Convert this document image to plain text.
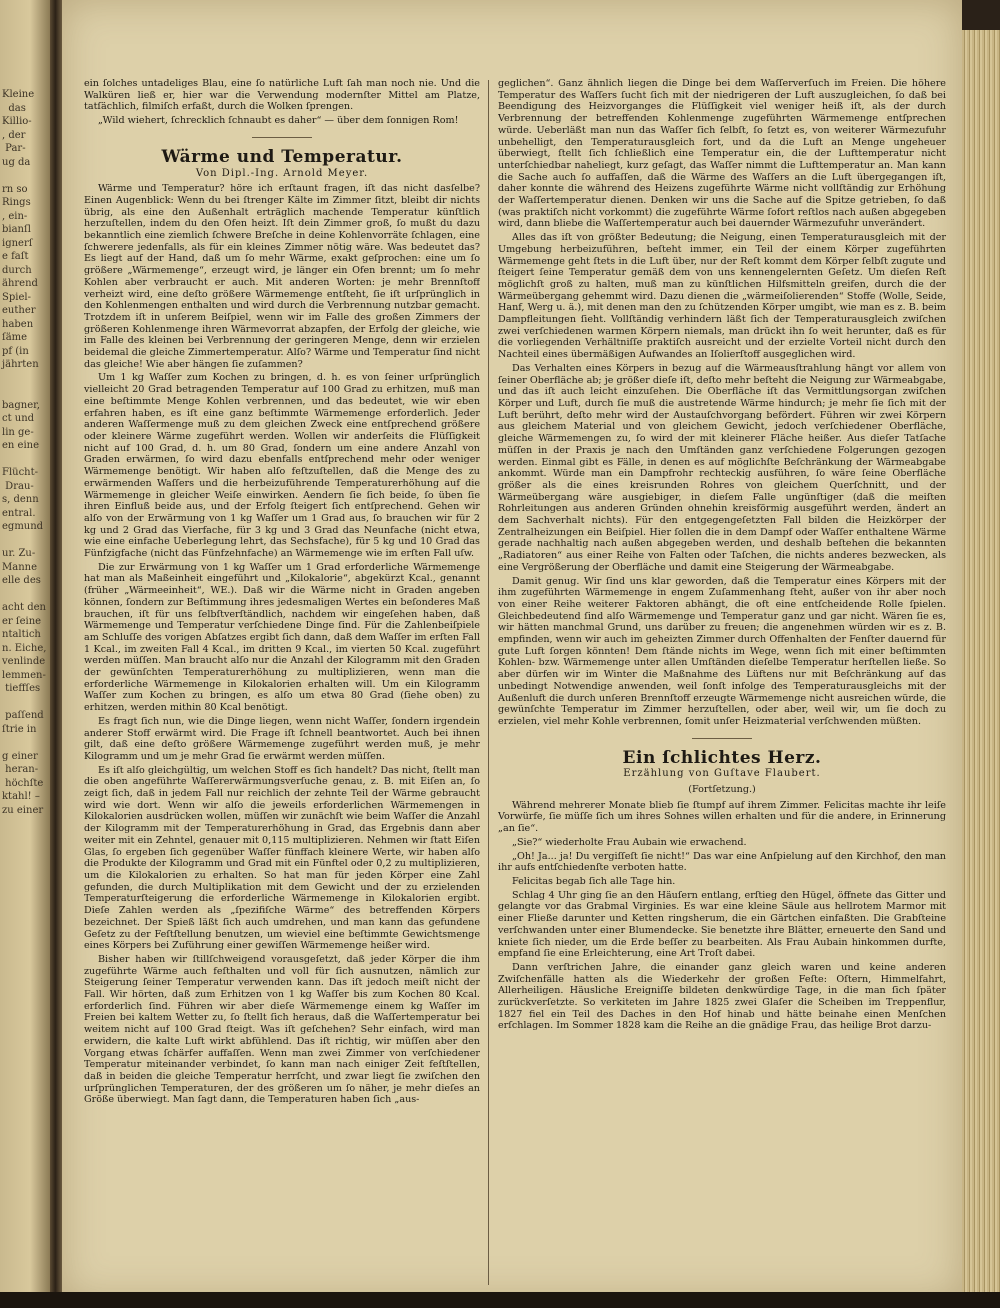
Kleine
das
Killio-
, der
Par-
ug da

rn so
Rings
, ein-
bianſl
ignerſ
e faſt
durch
ährend
Spiel-
euther
haben
ſäme
pf (in
jährten

bagner,
ct und
lin ge-
en eine

Flücht-
Drau-
s, denn
entral.
egmund

ur. Zu-
Manne
elle des

acht den
er ſeine
ntaltich
n. Eiche,
venlinde
lemmen-
tieffſes

paſſend
ſtrie in

g einer
heran-
höchſte
ktahl! –
zu einer

ein ſolches untadeliges Blau, eine ſo natürliche Luft ſah man noch nie. Und die Walküren ließ er, hier war die Verwendung modernſter Mittel am Platze, tatſächlich, filmiſch erfaßt, durch die Wolken ſprengen.

„Wild wiehert, ſchrecklich ſchnaubt es daher“ — über dem ſonnigen Rom!

Wärme und Temperatur.
Von Dipl.-Ing. Arnold Meyer.

Wärme und Temperatur? höre ich erſtaunt fragen, iſt das nicht dasſelbe? Einen Augenblick: Wenn du bei ſtrenger Kälte im Zimmer ſitzt, bleibt dir nichts übrig, als eine den Außenhalt erträglich machende Temperatur künſtlich herzuſtellen, indem du den Ofen heizt. Iſt dein Zimmer groß, ſo mußt du dazu bekanntlich eine ziemlich ſchwere Breſche in deine Kohlenvorräte ſchlagen, eine ſchwerere jedenfalls, als für ein kleines Zimmer nötig wäre. Was bedeutet das? Es liegt auf der Hand, daß um ſo mehr Wärme, exakt geſprochen: eine um ſo größere „Wärmemenge“, erzeugt wird, je länger ein Ofen brennt; um ſo mehr Kohlen aber verbraucht er auch. Mit anderen Worten: je mehr Brennſtoff verheizt wird, eine deſto größere Wärmemenge entſteht, ſie iſt urſprünglich in den Kohlenmengen enthalten und wird durch die Verbrennung nutzbar gemacht. Trotzdem iſt in unſerem Beiſpiel, wenn wir im Falle des großen Zimmers der größeren Kohlenmenge ihren Wärmevorrat abzapfen, der Erfolg der gleiche, wie im Falle des kleinen bei Verbrennung der geringeren Menge, denn wir erzielen beidemal die gleiche Zimmertemperatur. Alſo? Wärme und Temperatur ſind nicht das gleiche! Wie aber hängen ſie zuſammen?

Um 1 kg Waſſer zum Kochen zu bringen, d. h. es von ſeiner urſprünglich vielleicht 20 Grad betragenden Temperatur auf 100 Grad zu erhitzen, muß man eine beſtimmte Menge Kohlen verbrennen, und das bedeutet, wie wir eben erfahren haben, es iſt eine ganz beſtimmte Wärmemenge erforderlich. Jeder anderen Waſſermenge muß zu dem gleichen Zweck eine entſprechend größere oder kleinere Wärme zugeführt werden. Wollen wir anderſeits die Flüſſigkeit nicht auf 100 Grad, d. h. um 80 Grad, ſondern um eine andere Anzahl von Graden erwärmen, ſo wird dazu ebenfalls entſprechend mehr oder weniger Wärmemenge benötigt. Wir haben alſo feſtzuſtellen, daß die Menge des zu erwärmenden Waſſers und die herbeizuführende Temperaturerhöhung auf die Wärmemenge in gleicher Weiſe einwirken. Aendern ſie ſich beide, ſo üben ſie ihren Einfluß beide aus, und der Erfolg ſteigert ſich entſprechend. Gehen wir alſo von der Erwärmung von 1 kg Waſſer um 1 Grad aus, ſo brauchen wir für 2 kg und 2 Grad das Vierfache, für 3 kg und 3 Grad das Neunfache (nicht etwa, wie eine einfache Ueberlegung lehrt, das Sechsfache), für 5 kg und 10 Grad das Fünfzigfache (nicht das Fünfzehnfache) an Wärmemenge wie im erſten Fall uſw.

Die zur Erwärmung von 1 kg Waſſer um 1 Grad erforderliche Wärmemenge hat man als Maßeinheit eingeführt und „Kilokalorie“, abgekürzt Kcal., genannt (früher „Wärmeeinheit“, WE.). Daß wir die Wärme nicht in Graden angeben können, ſondern zur Beſtimmung ihres jedesmaligen Wertes ein beſonderes Maß brauchen, iſt für uns ſelbſtverſtändlich, nachdem wir eingeſehen haben, daß Wärmemenge und Temperatur verſchiedene Dinge ſind. Für die Zahlenbeiſpiele am Schluſſe des vorigen Abſatzes ergibt ſich dann, daß dem Waſſer im erſten Fall 1 Kcal., im zweiten Fall 4 Kcal., im dritten 9 Kcal., im vierten 50 Kcal. zugeführt werden müſſen. Man braucht alſo nur die Anzahl der Kilogramm mit den Graden der gewünſchten Temperaturerhöhung zu multiplizieren, wenn man die erforderliche Wärmemenge in Kilokalorien erhalten will. Um ein Kilogramm Waſſer zum Kochen zu bringen, es alſo um etwa 80 Grad (ſiehe oben) zu erhitzen, werden mithin 80 Kcal benötigt.

Es fragt ſich nun, wie die Dinge liegen, wenn nicht Waſſer, ſondern irgendein anderer Stoff erwärmt wird. Die Frage iſt ſchnell beantwortet. Auch bei ihnen gilt, daß eine deſto größere Wärmemenge zugeführt werden muß, je mehr Kilogramm und um je mehr Grad ſie erwärmt werden müſſen.

Es iſt alſo gleichgültig, um welchen Stoff es ſich handelt? Das nicht, ſtellt man die oben angeführte Waſſererwärmungsverſuche genau, z. B. mit Eiſen an, ſo zeigt ſich, daß in jedem Fall nur reichlich der zehnte Teil der Wärme gebraucht wird wie dort. Wenn wir alſo die jeweils erforderlichen Wärmemengen in Kilokalorien ausdrücken wollen, müſſen wir zunächſt wie beim Waſſer die Anzahl der Kilogramm mit der Temperaturerhöhung in Grad, das Ergebnis dann aber weiter mit ein Zehntel, genauer mit 0,115 multiplizieren. Nehmen wir ſtatt Eiſen Glas, ſo ergeben ſich gegenüber Waſſer fünffach kleinere Werte, wir haben alſo die Produkte der Kilogramm und Grad mit ein Fünftel oder 0,2 zu multiplizieren, um die Kilokalorien zu erhalten. So hat man für jeden Körper eine Zahl gefunden, die durch Multiplikation mit dem Gewicht und der zu erzielenden Temperaturſteigerung die erforderliche Wärmemenge in Kilokalorien ergibt. Dieſe Zahlen werden als „ſpezifiſche Wärme“ des betreffenden Körpers bezeichnet. Der Spieß läßt ſich auch umdrehen, und man kann das gefundene Geſetz zu der Feſtſtellung benutzen, um wieviel eine beſtimmte Gewichtsmenge eines Körpers bei Zuführung einer gewiſſen Wärmemenge heißer wird.

Bisher haben wir ſtillſchweigend vorausgeſetzt, daß jeder Körper die ihm zugeführte Wärme auch feſthalten und voll für ſich ausnutzen, nämlich zur Steigerung ſeiner Temperatur verwenden kann. Das iſt jedoch meiſt nicht der Fall. Wir hörten, daß zum Erhitzen von 1 kg Waſſer bis zum Kochen 80 Kcal. erforderlich ſind. Führen wir aber dieſe Wärmemenge einem kg Waſſer im Freien bei kaltem Wetter zu, ſo ſtellt ſich heraus, daß die Waſſertemperatur bei weitem nicht auf 100 Grad ſteigt. Was iſt geſchehen? Sehr einfach, wird man erwidern, die kalte Luft wirkt abfühlend. Das iſt richtig, wir müſſen aber den Vorgang etwas ſchärfer auffaſſen. Wenn man zwei Zimmer von verſchiedener Temperatur miteinander verbindet, ſo kann man nach einiger Zeit feſtſtellen, daß in beiden die gleiche Temperatur herrſcht, und zwar liegt ſie zwiſchen den urſprünglichen Temperaturen, der des größeren um ſo näher, je mehr dieſes an Größe überwiegt. Man ſagt dann, die Temperaturen haben ſich „aus-

geglichen“. Ganz ähnlich liegen die Dinge bei dem Waſſerverſuch im Freien. Die höhere Temperatur des Waſſers ſucht ſich mit der niedrigeren der Luft auszugleichen, ſo daß bei Beendigung des Heizvorganges die Flüſſigkeit viel weniger heiß iſt, als der durch Verbrennung der betreffenden Kohlenmenge zugeführten Wärmemenge entſprechen würde. Ueberläßt man nun das Waſſer ſich ſelbſt, ſo ſetzt es, von weiterer Wärmezufuhr unbehelligt, den Temperaturausgleich fort, und da die Luft an Menge ungeheuer überwiegt, ſtellt ſich ſchließlich eine Temperatur ein, die der Lufttemperatur nicht unterſchiedbar naheliegt, kurz geſagt, das Waſſer nimmt die Lufttemperatur an. Man kann die Sache auch ſo auffaſſen, daß die Wärme des Waſſers an die Luft übergegangen iſt, daher konnte die während des Heizens zugeführte Wärme nicht vollſtändig zur Erhöhung der Waſſertemperatur dienen. Denken wir uns die Sache auf die Spitze getrieben, ſo daß (was praktiſch nicht vorkommt) die zugeführte Wärme ſofort reſtlos nach außen abgegeben wird, dann bliebe die Waſſertemperatur auch bei dauernder Wärmezufuhr unverändert.

Alles das iſt von größter Bedeutung; die Neigung, einen Temperaturausgleich mit der Umgebung herbeizuführen, beſteht immer, ein Teil der einem Körper zugeführten Wärmemenge geht ſtets in die Luft über, nur der Reſt kommt dem Körper ſelbſt zugute und ſteigert ſeine Temperatur gemäß dem von uns kennengelernten Geſetz. Um dieſen Reſt möglichſt groß zu halten, muß man zu künſtlichen Hilfsmitteln greifen, durch die der Wärmeübergang gehemmt wird. Dazu dienen die „wärmeiſolierenden“ Stoffe (Wolle, Seide, Hanf, Werg u. ä.), mit denen man den zu ſchützenden Körper umgibt, wie man es z. B. beim Dampfleitungen ſieht. Vollſtändig verhindern läßt ſich der Temperaturausgleich zwiſchen zwei verſchiedenen warmen Körpern niemals, man drückt ihn ſo weit herunter, daß es für die vorliegenden Verhältniſſe praktiſch ausreicht und der erzielte Vorteil nicht durch den Nachteil eines übermäßigen Aufwandes an Iſolierſtoff ausgeglichen wird.

Das Verhalten eines Körpers in bezug auf die Wärmeausſtrahlung hängt vor allem von ſeiner Oberfläche ab; je größer dieſe iſt, deſto mehr beſteht die Neigung zur Wärmeabgabe, und das iſt auch leicht einzuſehen. Die Oberfläche iſt das Vermittlungsorgan zwiſchen Körper und Luft, durch ſie muß die austretende Wärme hindurch; je mehr ſie ſich mit der Luft berührt, deſto mehr wird der Austauſchvorgang befördert. Führen wir zwei Körpern aus gleichem Material und von gleichem Gewicht, jedoch verſchiedener Oberfläche, gleiche Wärmemengen zu, ſo wird der mit kleinerer Fläche heißer. Aus dieſer Tatſache müſſen in der Praxis je nach den Umſtänden ganz verſchiedene Folgerungen gezogen werden. Einmal gibt es Fälle, in denen es auf möglichſte Beſchränkung der Wärmeabgabe ankommt. Würde man ein Dampfrohr rechteckig ausführen, ſo wäre ſeine Oberfläche größer als die eines kreisrunden Rohres von gleichem Querſchnitt, und der Wärmeübergang wäre ausgiebiger, in dieſem Falle ungünſtiger (daß die meiſten Rohrleitungen aus anderen Gründen ohnehin kreisförmig ausgeführt werden, ändert an dem Sachverhalt nichts). Für den entgegengeſetzten Fall bilden die Heizkörper der Zentralheizungen ein Beiſpiel. Hier ſollen die in dem Dampf oder Waſſer enthaltene Wärme gerade nachhaltig nach außen abgegeben werden, und deshalb beſtehen die bekannten „Radiatoren“ aus einer Reihe von Falten oder Taſchen, die nichts anderes bezwecken, als eine Vergrößerung der Oberfläche und damit eine Steigerung der Wärmeabgabe.

Damit genug. Wir ſind uns klar geworden, daß die Temperatur eines Körpers mit der ihm zugeführten Wärmemenge in engem Zuſammenhang ſteht, außer von ihr aber noch von einer Reihe weiterer Faktoren abhängt, die oft eine entſcheidende Rolle ſpielen. Gleichbedeutend ſind alſo Wärmemenge und Temperatur ganz und gar nicht. Wären ſie es, wir hätten manchmal Grund, uns darüber zu freuen; die angenehmen würden wir es z. B. empfinden, wenn wir auch im geheizten Zimmer durch Offenhalten der Fenſter dauernd für gute Luft ſorgen könnten! Dem ſtände nichts im Wege, wenn ſich mit einer beſtimmten Kohlen- bzw. Wärmemenge unter allen Umſtänden dieſelbe Temperatur herſtellen ließe. So aber dürfen wir im Winter die Maßnahme des Lüftens nur mit Beſchränkung auf das unbedingt Notwendige anwenden, weil ſonſt infolge des Temperaturausgleichs mit der Außenluft die durch unſeren Brennſtoff erzeugte Wärmemenge nicht ausreichen würde, die gewünſchte Temperatur im Zimmer herzuſtellen, oder aber, weil wir, um ſie doch zu erzielen, viel mehr Kohle verbrennen, ſomit unſer Heizmaterial verſchwenden müßten.

Ein ſchlichtes Herz.
Erzählung von Guſtave Flaubert.
(Fortſetzung.)

Während mehrerer Monate blieb ſie ſtumpf auf ihrem Zimmer. Felicitas machte ihr leiſe Vorwürfe, ſie müſſe ſich um ihres Sohnes willen erhalten und für die andere, in Erinnerung „an ſie“.

„Sie?“ wiederholte Frau Aubain wie erwachend.

„Oh! Ja... ja! Du vergiſſeſt ſie nicht!“ Das war eine Anſpielung auf den Kirchhof, den man ihr aufs entſchiedenſte verboten hatte.

Felicitas begab ſich alle Tage hin.

Schlag 4 Uhr ging ſie an den Häuſern entlang, erſtieg den Hügel, öffnete das Gitter und gelangte vor das Grabmal Virginies. Es war eine kleine Säule aus hellrotem Marmor mit einer Fließe darunter und Ketten ringsherum, die ein Gärtchen einfaßten. Die Grabſteine verſchwanden unter einer Blumendecke. Sie benetzte ihre Blätter, erneuerte den Sand und kniete ſich nieder, um die Erde beſſer zu bearbeiten. Als Frau Aubain hinkommen durfte, empfand ſie eine Erleichterung, eine Art Troſt dabei.

Dann verſtrichen Jahre, die einander ganz gleich waren und keine anderen Zwiſchenfälle hatten als die Wiederkehr der großen Feſte: Oſtern, Himmelfahrt, Allerheiligen. Häusliche Ereigniſſe bildeten denkwürdige Tage, in die man ſich ſpäter zurückverſetzte. So verkiteten im Jahre 1825 zwei Glaſer die Scheiben im Treppenflur, 1827 fiel ein Teil des Daches in den Hof hinab und hätte beinahe einen Menſchen erſchlagen. Im Sommer 1828 kam die Reihe an die gnädige Frau, das heilige Brot darzu-
